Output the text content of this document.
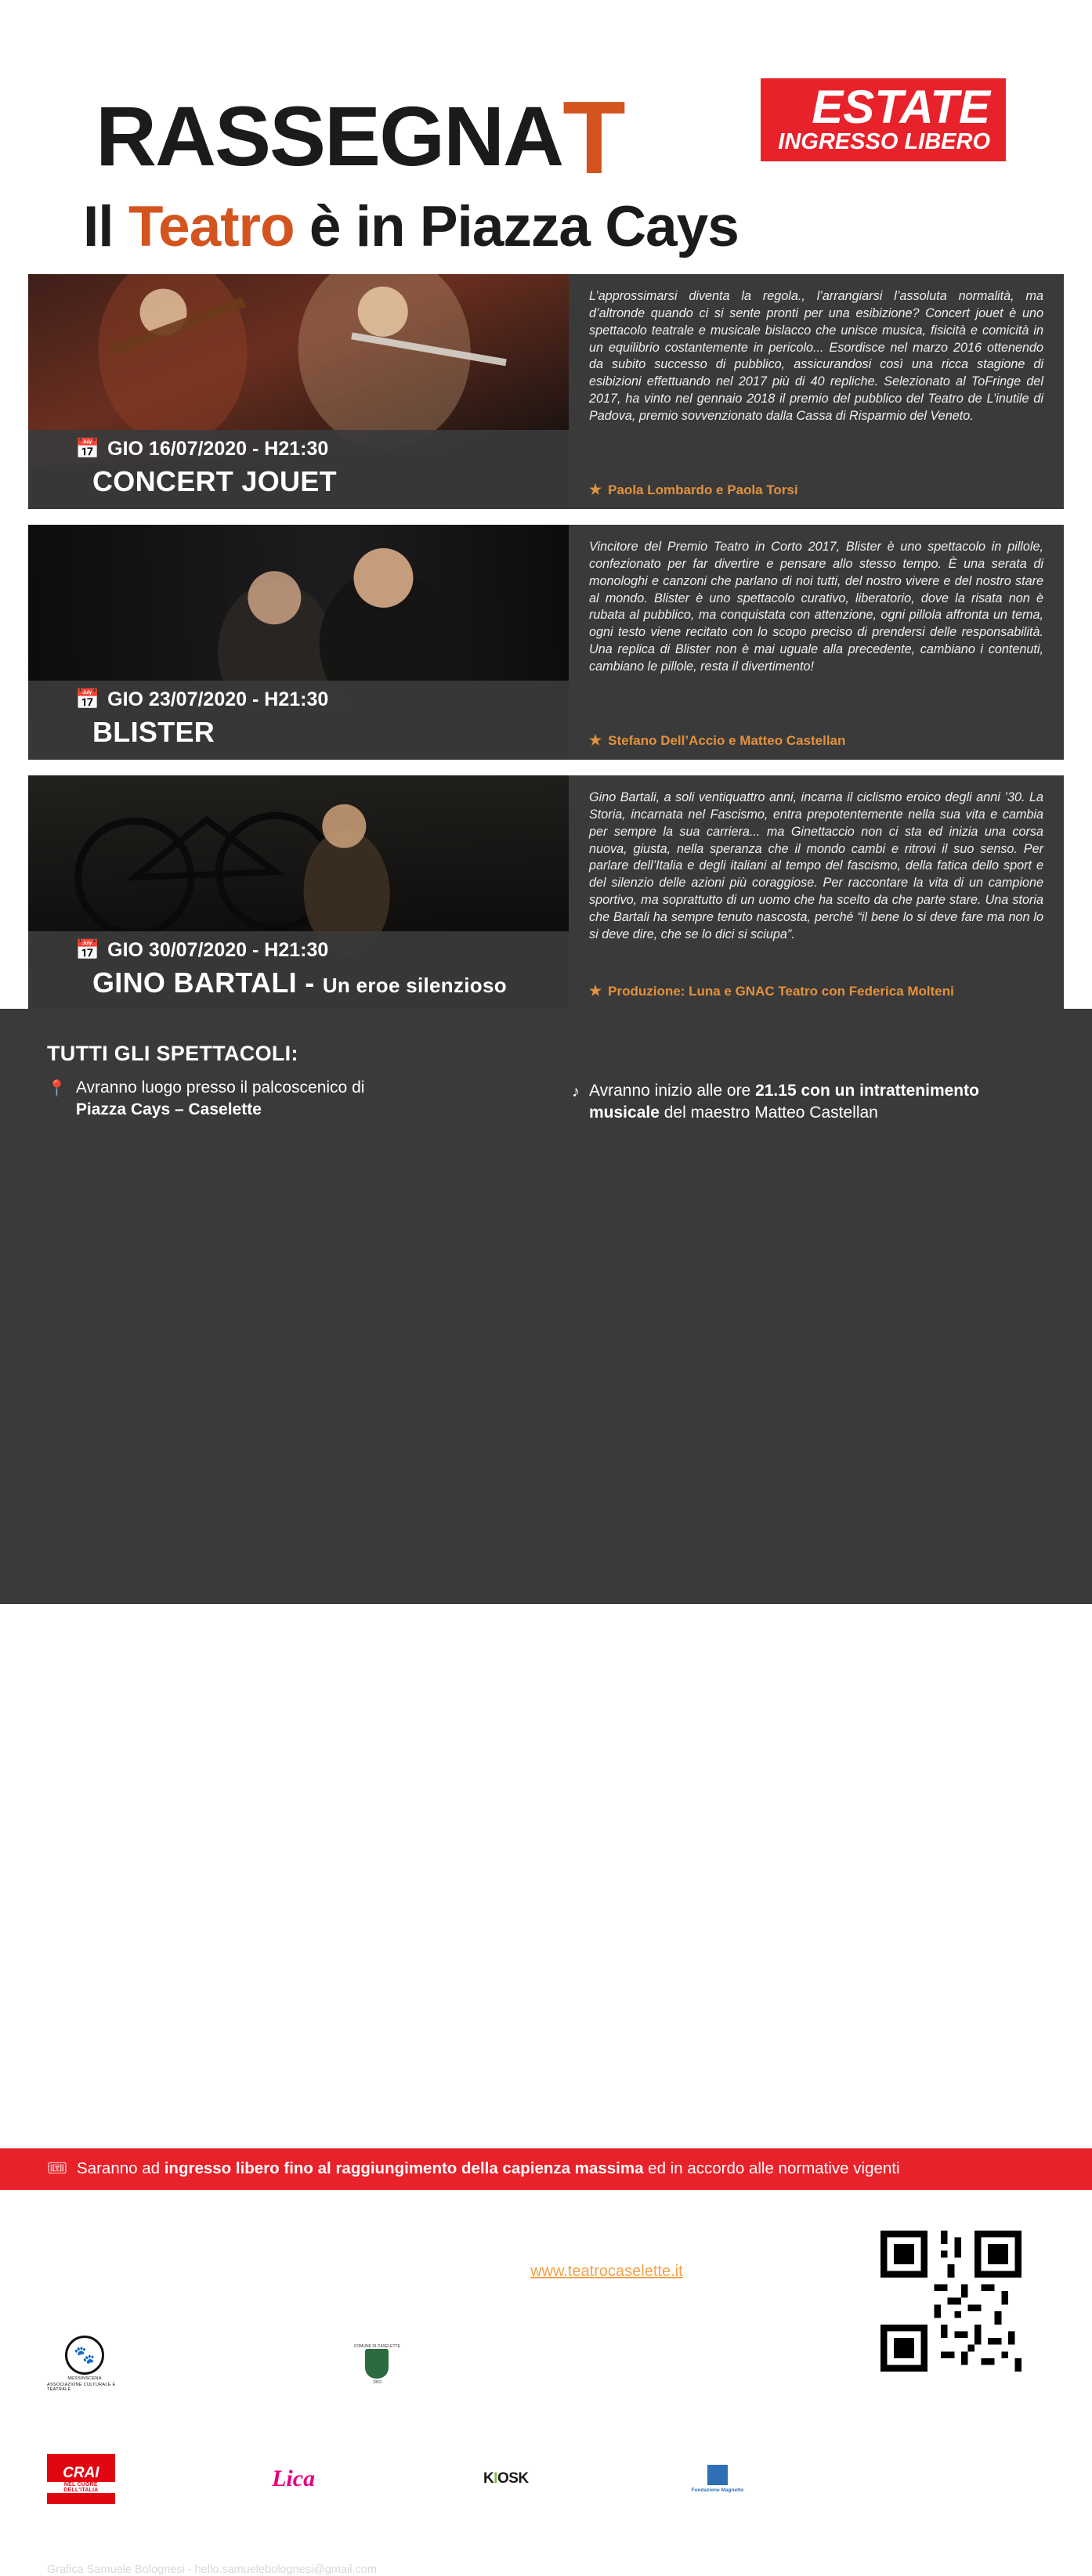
RASSEGNAT	ESTATE
INGRESSO LIBERO
Il Teatro è in Piazza Cays
📅 GIO 16/07/2020 - H21:30
CONCERT JOUET
L’approssimarsi diventa la regola., l’arrangiarsi l’assoluta normalità, ma d’altronde quando ci si sente pronti per una esibizione? Concert jouet è uno spettacolo teatrale e musicale bislacco che unisce musica, fisicità e comicità in un equilibrio costantemente in pericolo... Esordisce nel marzo 2016 ottenendo da subito successo di pubblico, assicurandosi così una ricca stagione di esibizioni effettuando nel 2017 più di 40 repliche. Selezionato al ToFringe del 2017, ha vinto nel gennaio 2018 il premio del pubblico del Teatro de L’inutile di Padova, premio sovvenzionato dalla Cassa di Risparmio del Veneto.
★ Paola Lombardo e Paola Torsi
📅 GIO 23/07/2020 - H21:30
BLISTER
Vincitore del Premio Teatro in Corto 2017, Blister è uno spettacolo in pillole, confezionato per far divertire e pensare allo stesso tempo. È una serata di monologhi e canzoni che parlano di noi tutti, del nostro vivere e del nostro stare al mondo. Blister è uno spettacolo curativo, liberatorio, dove la risata non è rubata al pubblico, ma conquistata con attenzione, ogni pillola affronta un tema, ogni testo viene recitato con lo scopo preciso di prendersi delle responsabilità. Una replica di Blister non è mai uguale alla precedente, cambiano i contenuti, cambiano le pillole, resta il divertimento!
★ Stefano Dell’Accio e Matteo Castellan
📅 GIO 30/07/2020 - H21:30
GINO BARTALI - Un eroe silenzioso
Gino Bartali, a soli ventiquattro anni, incarna il ciclismo eroico degli anni ’30. La Storia, incarnata nel Fascismo, entra prepotentemente nella sua vita e cambia per sempre la sua carriera... ma Ginettaccio non ci sta ed inizia una corsa nuova, giusta, nella speranza che il mondo cambi e ritrovi il suo senso. Per parlare dell’Italia e degli italiani al tempo del fascismo, della fatica dello sport e del silenzio delle azioni più coraggiose. Per raccontare la vita di un campione sportivo, ma soprattutto di un uomo che ha scelto da che parte stare. Una storia che Bartali ha sempre tenuto nascosta, perché “il bene lo si deve fare ma non lo si deve dire, che se lo dici si sciupa”.
★ Produzione: Luna e GNAC Teatro con Federica Molteni
TUTTI GLI SPETTACOLI:
📍 Avranno luogo presso il palcoscenico di
Piazza Cays – Caselette
♪ Avranno inizio alle ore 21.15 con un intrattenimento musicale del maestro Matteo Castellan
🎟 Saranno ad ingresso libero fino al raggiungimento della capienza massima ed in accordo alle normative vigenti
INFORMAZIONI:
✉ messinscena@gmail.com
info@teatrocaselette.it
☎ +39 333 36 52 644
+39 335 54 79 709
➤ www.teatrocaselette.it
🐾
MESSINSCENA
ASSOCIAZIONE CULTURALE E TEATRALE
Presentato da
Associazione Teatrale
Messinscena
COMUNE DI CASELETTE
1953
Con il patrocinio ed
il contributo del
Comune di Caselette
Con la collaborazione ed il sostegno di:
CRAI
NEL CUORE DELL'ITALIA
ROBEA S.a.S di
Imparato Raffaella & C
Lica
LICA S.r.l.
Cosmetici Caselette
KIOSK
Kiosco
birreria caffetteria	Fondazione Magnetto
Fondazione
Mario ed Anna
Magnetto
Grafica Samuele Bolognesi - hello.samuelebolognesi@gmail.com
